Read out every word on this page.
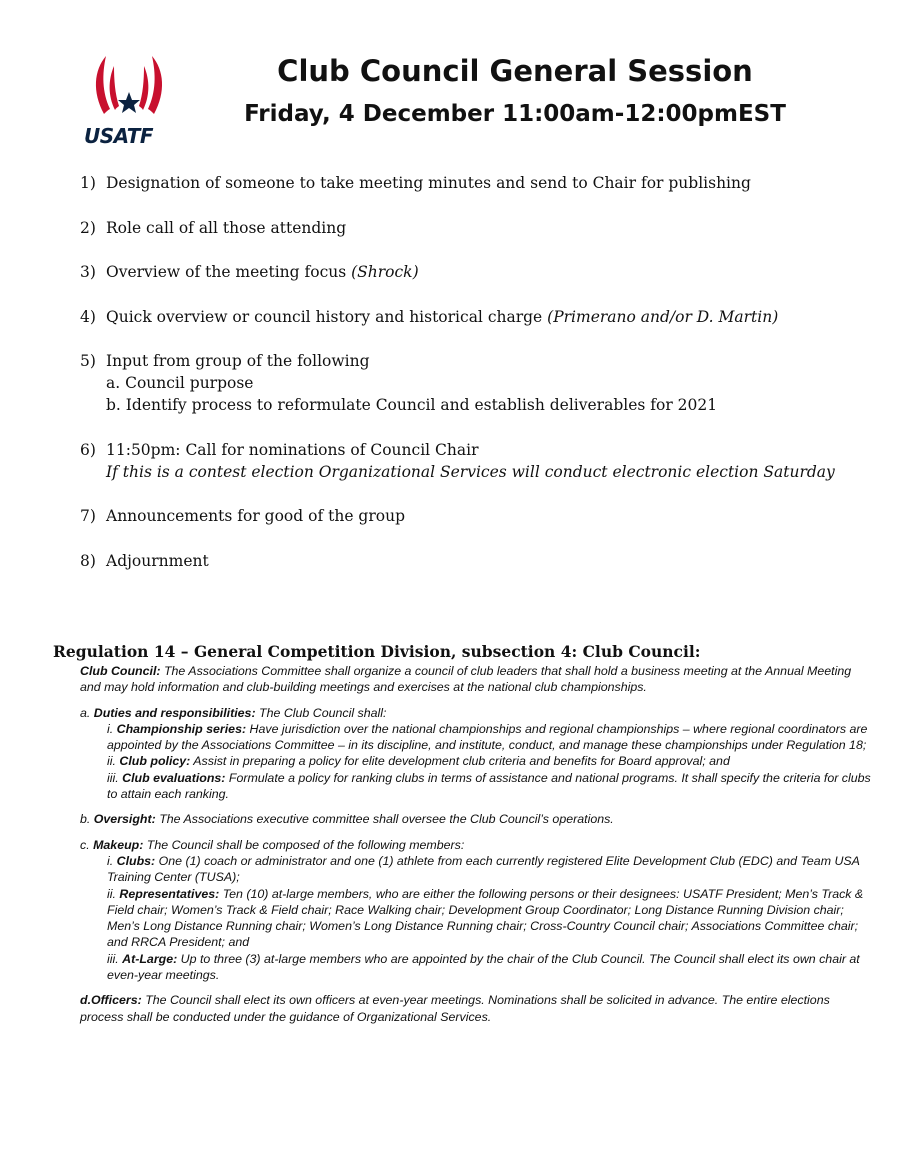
USATF
Club Council General Session
Friday, 4 December 11:00am-12:00pmEST
1) Designation of someone to take meeting minutes and send to Chair for publishing
2) Role call of all those attending
3) Overview of the meeting focus (Shrock)
4) Quick overview or council history and historical charge (Primerano and/or D. Martin)
5) Input from group of the following
a. Council purpose
b. Identify process to reformulate Council and establish deliverables for 2021
6) 11:50pm: Call for nominations of Council Chair
If this is a contest election Organizational Services will conduct electronic election Saturday
7) Announcements for good of the group
8) Adjournment
Regulation 14 – General Competition Division, subsection 4: Club Council:
Club Council: The Associations Committee shall organize a council of club leaders that shall hold a business meeting at the Annual Meeting and may hold information and club-building meetings and exercises at the national club championships.
a. Duties and responsibilities: The Club Council shall:
i. Championship series: Have jurisdiction over the national championships and regional championships – where regional coordinators are appointed by the Associations Committee – in its discipline, and institute, conduct, and manage these championships under Regulation 18;
ii. Club policy: Assist in preparing a policy for elite development club criteria and benefits for Board approval; and
iii. Club evaluations: Formulate a policy for ranking clubs in terms of assistance and national programs. It shall specify the criteria for clubs to attain each ranking.
b. Oversight: The Associations executive committee shall oversee the Club Council’s operations.
c. Makeup: The Council shall be composed of the following members:
i. Clubs: One (1) coach or administrator and one (1) athlete from each currently registered Elite Development Club (EDC) and Team USA Training Center (TUSA);
ii. Representatives: Ten (10) at-large members, who are either the following persons or their designees: USATF President; Men’s Track & Field chair; Women’s Track & Field chair; Race Walking chair; Development Group Coordinator; Long Distance Running Division chair; Men’s Long Distance Running chair; Women’s Long Distance Running chair; Cross-Country Council chair; Associations Committee chair; and RRCA President; and
iii. At-Large: Up to three (3) at-large members who are appointed by the chair of the Club Council. The Council shall elect its own chair at even-year meetings.
d.Officers: The Council shall elect its own officers at even-year meetings. Nominations shall be solicited in advance. The entire elections process shall be conducted under the guidance of Organizational Services.
